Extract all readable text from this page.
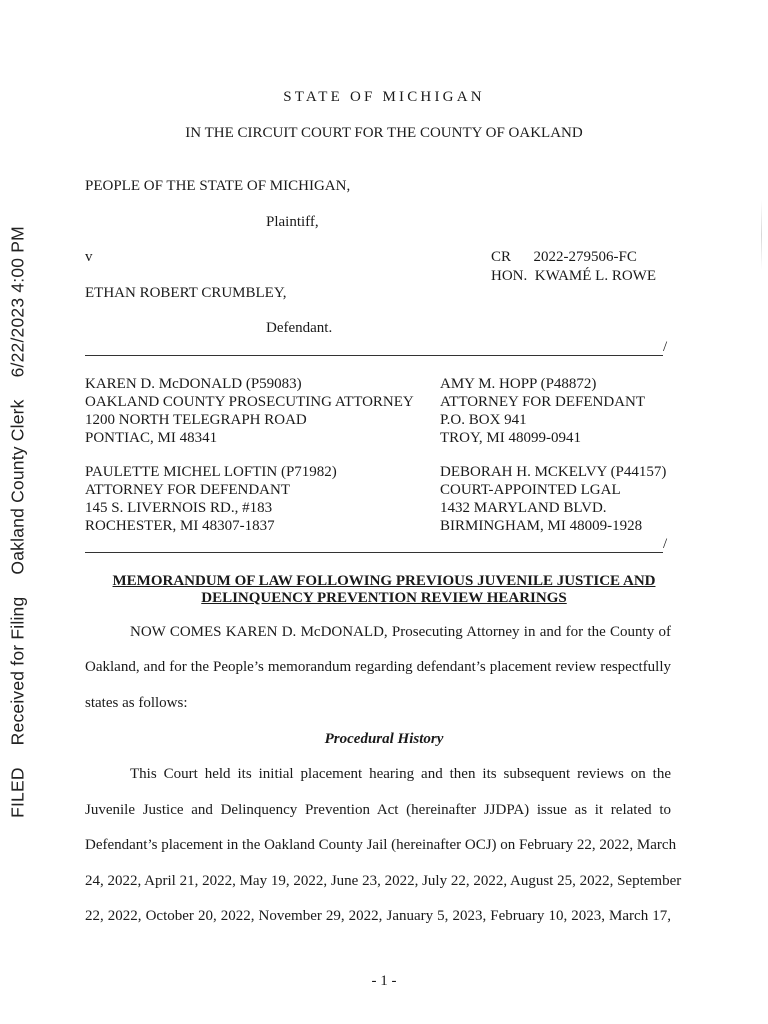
FILEDReceived for FilingOakland County Clerk6/22/2023 4:00 PM
STATE OF MICHIGAN
IN THE CIRCUIT COURT FOR THE COUNTY OF OAKLAND
PEOPLE OF THE STATE OF MICHIGAN,
Plaintiff,
v	CR      2022-279506-FC
HON.  KWAMÉ L. ROWE
ETHAN ROBERT CRUMBLEY,
Defendant.
/
KAREN D. McDONALD (P59083)
OAKLAND COUNTY PROSECUTING ATTORNEY
1200 NORTH TELEGRAPH ROAD
PONTIAC, MI 48341
AMY M. HOPP (P48872)
ATTORNEY FOR DEFENDANT
P.O. BOX 941
TROY, MI 48099-0941
PAULETTE MICHEL LOFTIN (P71982)
ATTORNEY FOR DEFENDANT
145 S. LIVERNOIS RD., #183
ROCHESTER, MI 48307-1837
DEBORAH H. MCKELVY (P44157)
COURT-APPOINTED LGAL
1432 MARYLAND BLVD.
BIRMINGHAM, MI 48009-1928
/
MEMORANDUM OF LAW FOLLOWING PREVIOUS JUVENILE JUSTICE AND
DELINQUENCY PREVENTION REVIEW HEARINGS
NOW COMES KAREN D. McDONALD, Prosecuting Attorney in and for the County of
Oakland, and for the People’s memorandum regarding defendant’s placement review respectfully
states as follows:
Procedural History
This Court held its initial placement hearing and then its subsequent reviews on the
Juvenile Justice and Delinquency Prevention Act (hereinafter JJDPA) issue as it related to
Defendant’s placement in the Oakland County Jail (hereinafter OCJ) on February 22, 2022, March
24, 2022, April 21, 2022, May 19, 2022, June 23, 2022, July 22, 2022, August 25, 2022, September
22, 2022, October 20, 2022, November 29, 2022, January 5, 2023, February 10, 2023, March 17,
- 1 -
